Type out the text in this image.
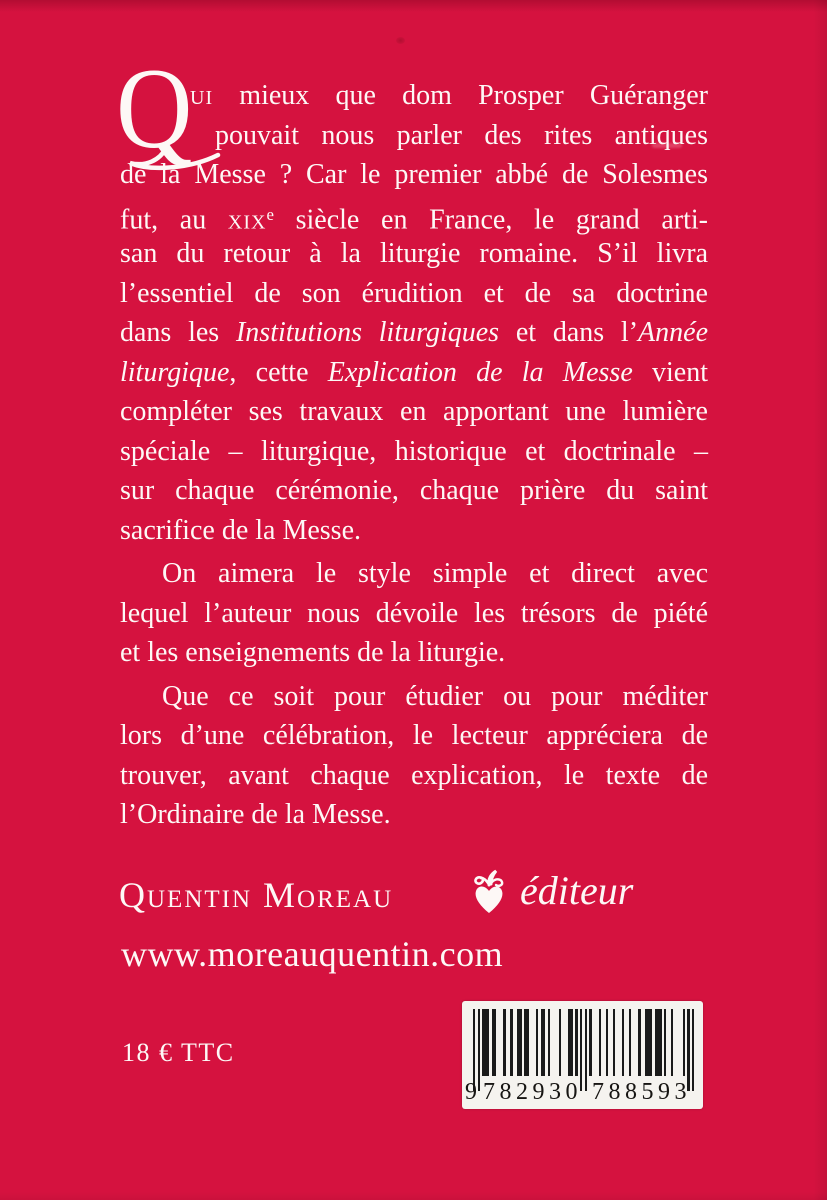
Q
ui mieux que dom Prosper Guéranger
pouvait nous parler des rites antiques
de la Messe ? Car le premier abbé de Solesmes
fut, au xix$^e$ siècle en France, le grand arti-
san du retour à la liturgie romaine. S’il livra
l’essentiel de son érudition et de sa doctrine
dans les Institutions liturgiques et dans l’Année
liturgique, cette Explication de la Messe vient
compléter ses travaux en apportant une lumière
spéciale – liturgique, historique et doctrinale –
sur chaque cérémonie, chaque prière du saint
sacrifice de la Messe.
On aimera le style simple et direct avec
lequel l’auteur nous dévoile les trésors de piété
et les enseignements de la liturgie.
Que ce soit pour étudier ou pour méditer
lors d’une célébration, le lecteur appréciera de
trouver, avant chaque explication, le texte de
l’Ordinaire de la Messe.
Quentin Moreau	éditeur
www.moreauquentin.com
18 € TTC
9 782930 788593
